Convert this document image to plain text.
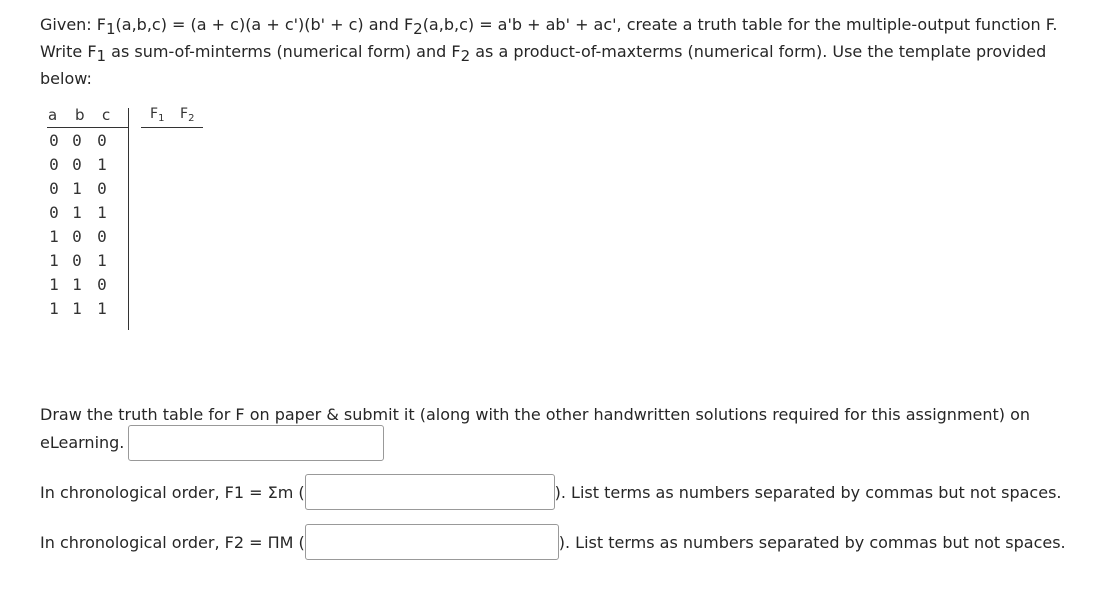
Given: $F_1(a,b,c) = (a + c)(a + c')(b' + c)$ and $F_2(a,b,c) = a'b + ab' + ac'$, create a truth table for the multiple-output function F. Write $F_1$ as sum-of-minterms (numerical form) and $F_2$ as a product-of-maxterms (numerical form). Use the template provided below:
a b c	$F_1$ $F_2$
0 0 0
0 0 1
0 1 0
0 1 1
1 0 0
1 0 1
1 1 0
1 1 1
Draw the truth table for F on paper & submit it (along with the other handwritten solutions required for this assignment) on eLearning.
In chronological order, F1 = Σm (	). List terms as numbers separated by commas but not spaces.
In chronological order, F2 = ΠM (	). List terms as numbers separated by commas but not spaces.
